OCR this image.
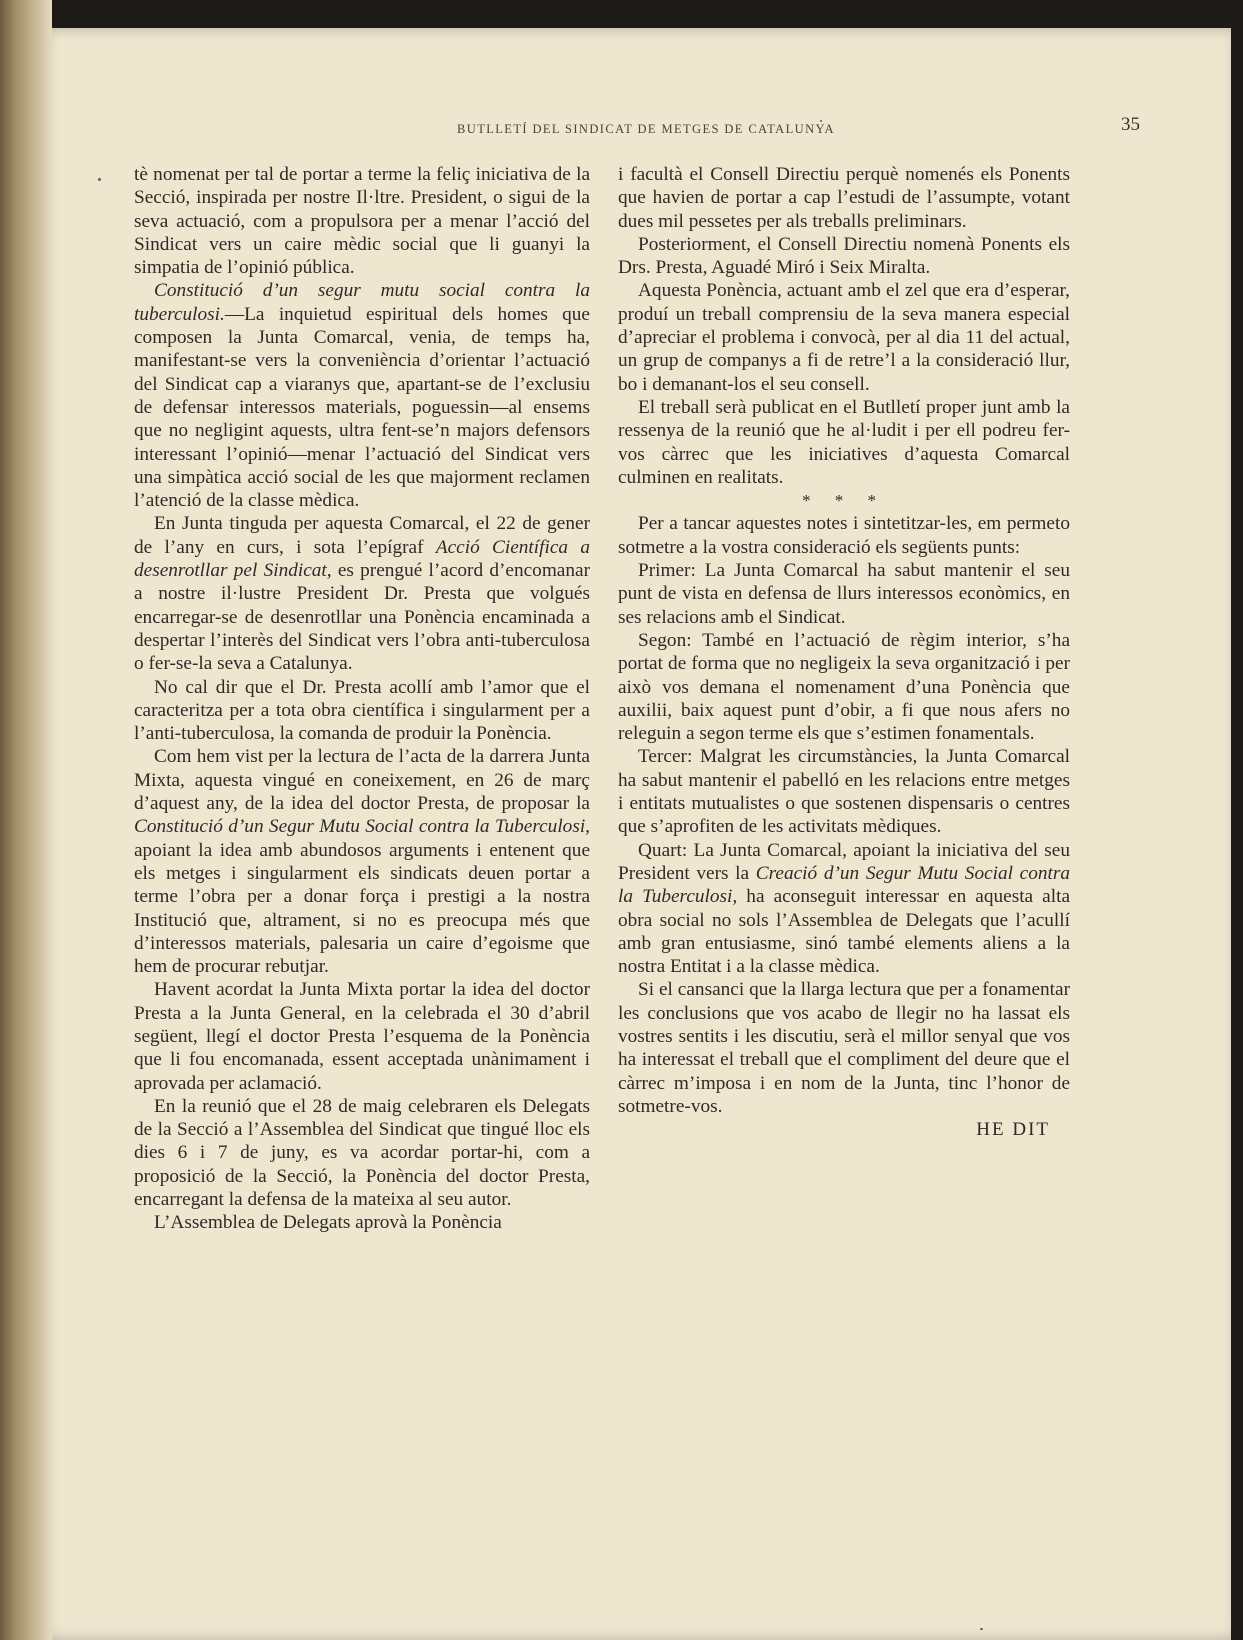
BUTLLETÍ DEL SINDICAT DE METGES DE CATALUNYA	35

tè nomenat per tal de portar a terme la feliç iniciativa de la Secció, inspirada per nostre Il·ltre. President, o sigui de la seva actuació, com a propulsora per a menar l’acció del Sindicat vers un caire mèdic social que li guanyi la simpatia de l’opinió pública.

Constitució d’un segur mutu social contra la tuberculosi.—La inquietud espiritual dels homes que composen la Junta Comarcal, venia, de temps ha, manifestant-se vers la conveniència d’orientar l’actuació del Sindicat cap a viaranys que, apartant-se de l’exclusiu de defensar interessos materials, poguessin—al ensems que no negligint aquests, ultra fent-se’n majors defensors interessant l’opinió—menar l’actuació del Sindicat vers una simpàtica acció social de les que majorment reclamen l’atenció de la classe mèdica.

En Junta tinguda per aquesta Comarcal, el 22 de gener de l’any en curs, i sota l’epígraf Acció Científica a desenrotllar pel Sindicat, es prengué l’acord d’encomanar a nostre il·lustre President Dr. Presta que volgués encarregar-se de desenrotllar una Ponència encaminada a despertar l’interès del Sindicat vers l’obra anti-tuberculosa o fer-se-la seva a Catalunya.

No cal dir que el Dr. Presta acollí amb l’amor que el caracteritza per a tota obra científica i singularment per a l’anti-tuberculosa, la comanda de produir la Ponència.

Com hem vist per la lectura de l’acta de la darrera Junta Mixta, aquesta vingué en coneixement, en 26 de març d’aquest any, de la idea del doctor Presta, de proposar la Constitució d’un Segur Mutu Social contra la Tuberculosi, apoiant la idea amb abundosos arguments i entenent que els metges i singularment els sindicats deuen portar a terme l’obra per a donar força i prestigi a la nostra Institució que, altrament, si no es preocupa més que d’interessos materials, palesaria un caire d’egoisme que hem de procurar rebutjar.

Havent acordat la Junta Mixta portar la idea del doctor Presta a la Junta General, en la celebrada el 30 d’abril següent, llegí el doctor Presta l’esquema de la Ponència que li fou encomanada, essent acceptada unànimament i aprovada per aclamació.

En la reunió que el 28 de maig celebraren els Delegats de la Secció a l’Assemblea del Sindicat que tingué lloc els dies 6 i 7 de juny, es va acordar portar-hi, com a proposició de la Secció, la Ponència del doctor Presta, encarregant la defensa de la mateixa al seu autor.

L’Assemblea de Delegats aprovà la Ponència

i facultà el Consell Directiu perquè nomenés els Ponents que havien de portar a cap l’estudi de l’assumpte, votant dues mil pessetes per als treballs preliminars.

Posteriorment, el Consell Directiu nomenà Ponents els Drs. Presta, Aguadé Miró i Seix Miralta.

Aquesta Ponència, actuant amb el zel que era d’esperar, produí un treball comprensiu de la seva manera especial d’apreciar el problema i convocà, per al dia 11 del actual, un grup de companys a fi de retre’l a la consideració llur, bo i demanant-los el seu consell.

El treball serà publicat en el Butlletí proper junt amb la ressenya de la reunió que he al·ludit i per ell podreu fer-vos càrrec que les iniciatives d’aquesta Comarcal culminen en realitats.

* * *

Per a tancar aquestes notes i sintetitzar-les, em permeto sotmetre a la vostra consideració els següents punts:

Primer: La Junta Comarcal ha sabut mantenir el seu punt de vista en defensa de llurs interessos econòmics, en ses relacions amb el Sindicat.

Segon: També en l’actuació de règim interior, s’ha portat de forma que no negligeix la seva organització i per això vos demana el nomenament d’una Ponència que auxilii, baix aquest punt d’obir, a fi que nous afers no releguin a segon terme els que s’estimen fonamentals.

Tercer: Malgrat les circumstàncies, la Junta Comarcal ha sabut mantenir el pabelló en les relacions entre metges i entitats mutualistes o que sostenen dispensaris o centres que s’aprofiten de les activitats mèdiques.

Quart: La Junta Comarcal, apoiant la iniciativa del seu President vers la Creació d’un Segur Mutu Social contra la Tuberculosi, ha aconseguit interessar en aquesta alta obra social no sols l’Assemblea de Delegats que l’acullí amb gran entusiasme, sinó també elements aliens a la nostra Entitat i a la classe mèdica.

Si el cansanci que la llarga lectura que per a fonamentar les conclusions que vos acabo de llegir no ha lassat els vostres sentits i les discutiu, serà el millor senyal que vos ha interessat el treball que el compliment del deure que el càrrec m’imposa i en nom de la Junta, tinc l’honor de sotmetre-vos.

HE DIT
